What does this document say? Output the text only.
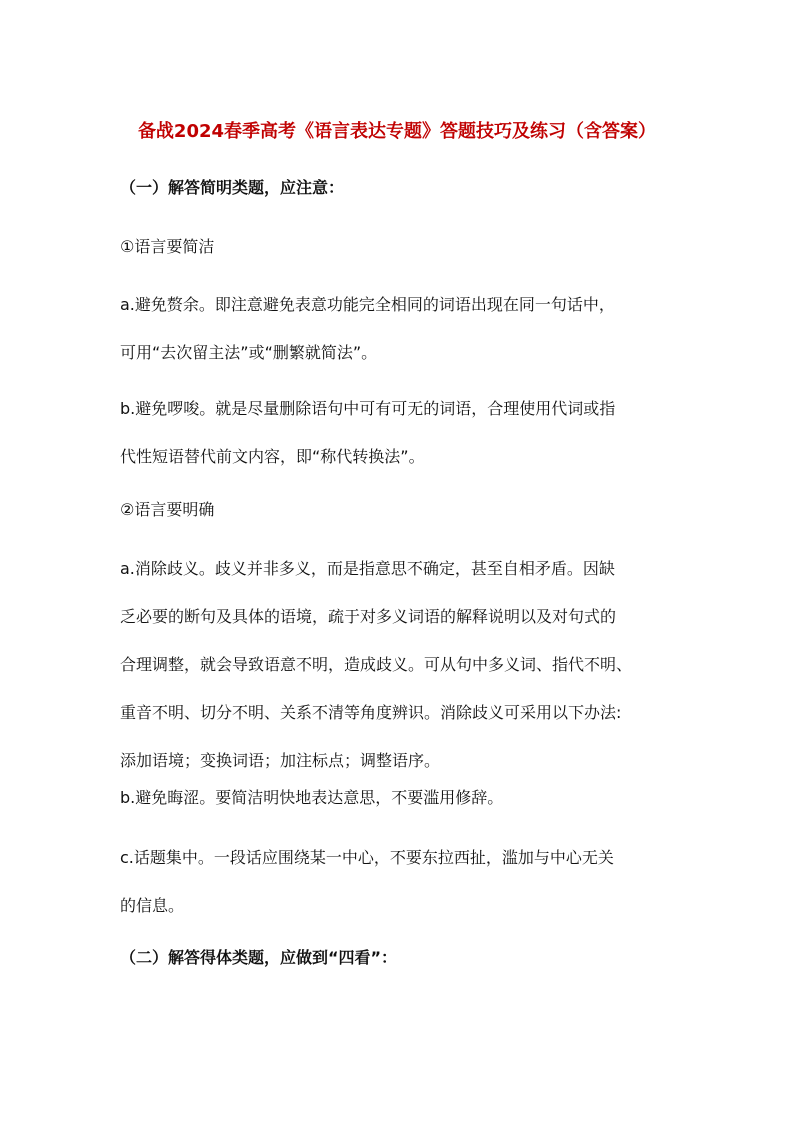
备战2024春季高考《语言表达专题》答题技巧及练习（含答案）
（一）解答简明类题，应注意：
①语言要简洁
a.避免赘余。即注意避免表意功能完全相同的词语出现在同一句话中，
可用“去次留主法”或“删繁就简法”。
b.避免啰唆。就是尽量删除语句中可有可无的词语，合理使用代词或指
代性短语替代前文内容，即“称代转换法”。
②语言要明确
a.消除歧义。歧义并非多义，而是指意思不确定，甚至自相矛盾。因缺
乏必要的断句及具体的语境，疏于对多义词语的解释说明以及对句式的
合理调整，就会导致语意不明，造成歧义。可从句中多义词、指代不明、
重音不明、切分不明、关系不清等角度辨识。消除歧义可采用以下办法:
添加语境；变换词语；加注标点；调整语序。
b.避免晦涩。要简洁明快地表达意思，不要滥用修辞。
c.话题集中。一段话应围绕某一中心，不要东拉西扯，滥加与中心无关
的信息。
（二）解答得体类题，应做到“四看”：
